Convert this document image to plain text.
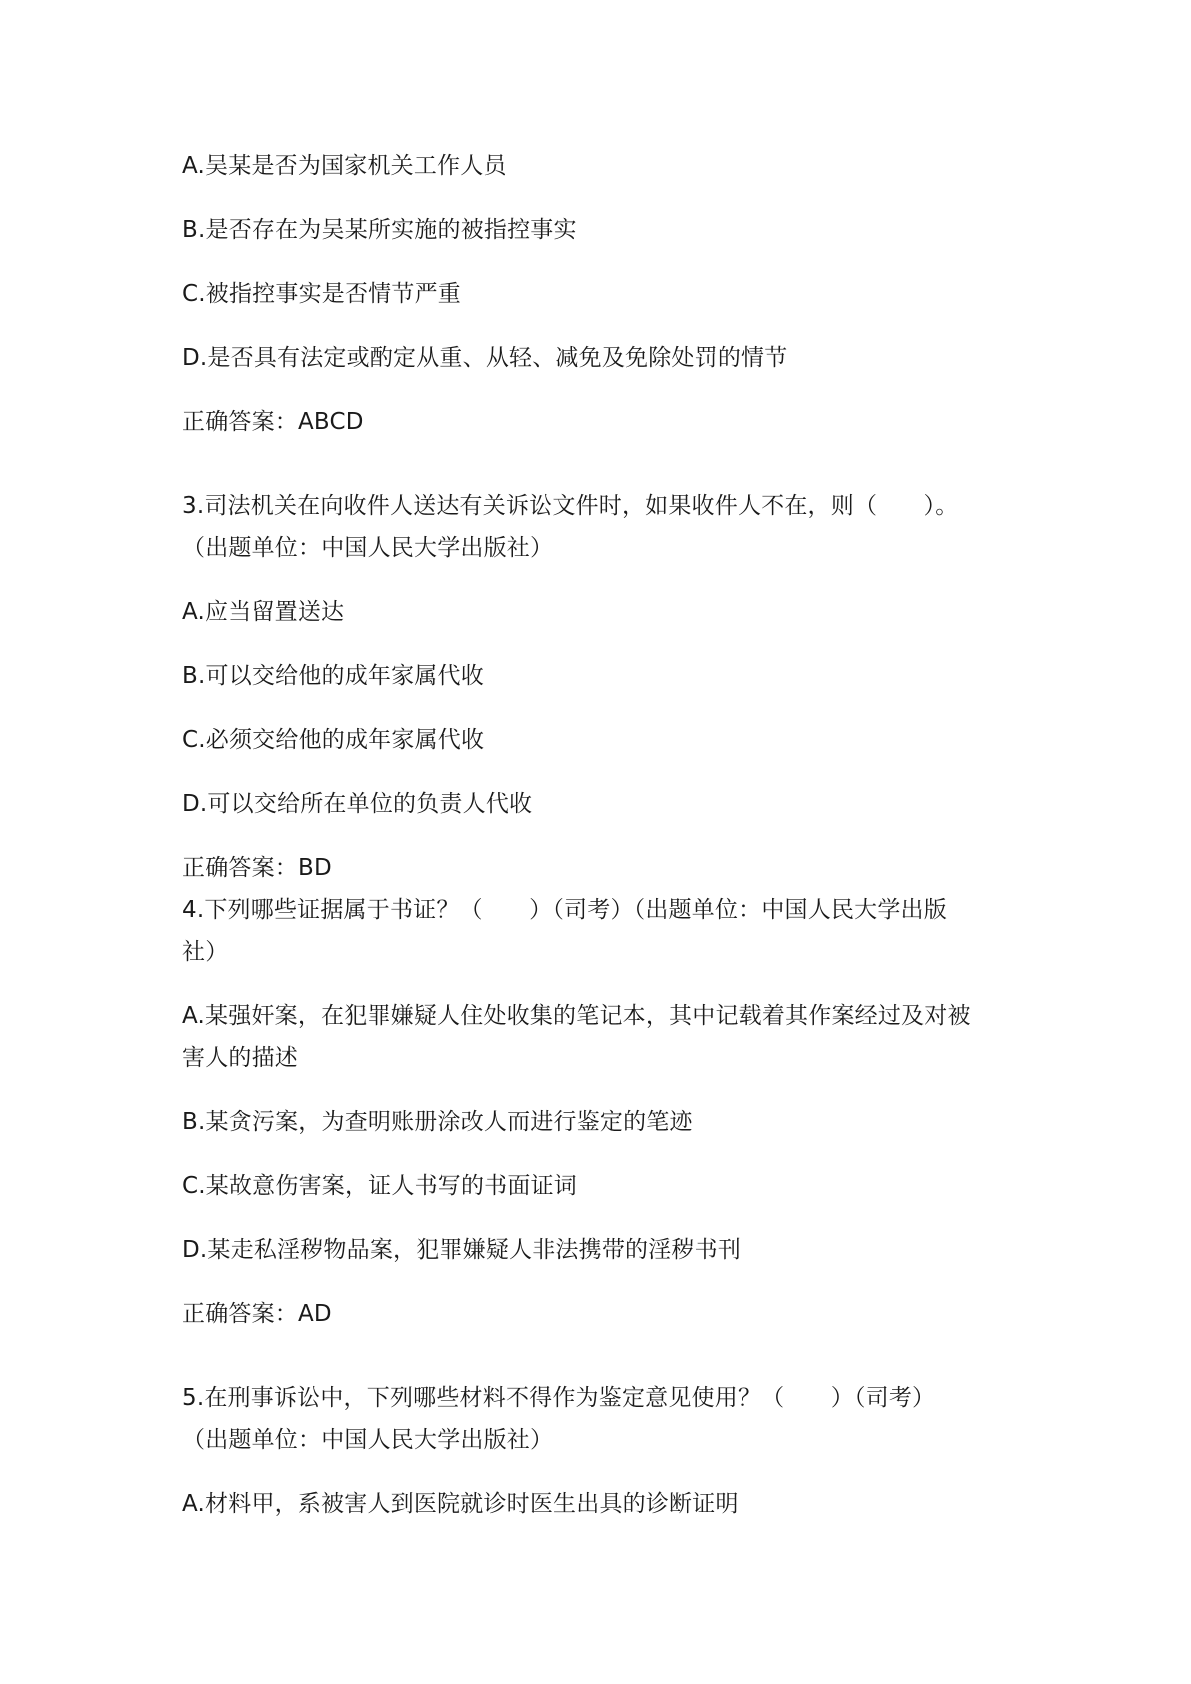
A.吴某是否为国家机关工作人员
B.是否存在为吴某所实施的被指控事实
C.被指控事实是否情节严重
D.是否具有法定或酌定从重、从轻、减免及免除处罚的情节
正确答案：ABCD
3.司法机关在向收件人送达有关诉讼文件时，如果收件人不在，则（　　）。
（出题单位：中国人民大学出版社）
A.应当留置送达
B.可以交给他的成年家属代收
C.必须交给他的成年家属代收
D.可以交给所在单位的负责人代收
正确答案：BD
4.下列哪些证据属于书证？（　　）（司考）（出题单位：中国人民大学出版
社）
A.某强奸案，在犯罪嫌疑人住处收集的笔记本，其中记载着其作案经过及对被
害人的描述
B.某贪污案，为查明账册涂改人而进行鉴定的笔迹
C.某故意伤害案，证人书写的书面证词
D.某走私淫秽物品案，犯罪嫌疑人非法携带的淫秽书刊
正确答案：AD
5.在刑事诉讼中，下列哪些材料不得作为鉴定意见使用？（　　）（司考）
（出题单位：中国人民大学出版社）
A.材料甲，系被害人到医院就诊时医生出具的诊断证明
